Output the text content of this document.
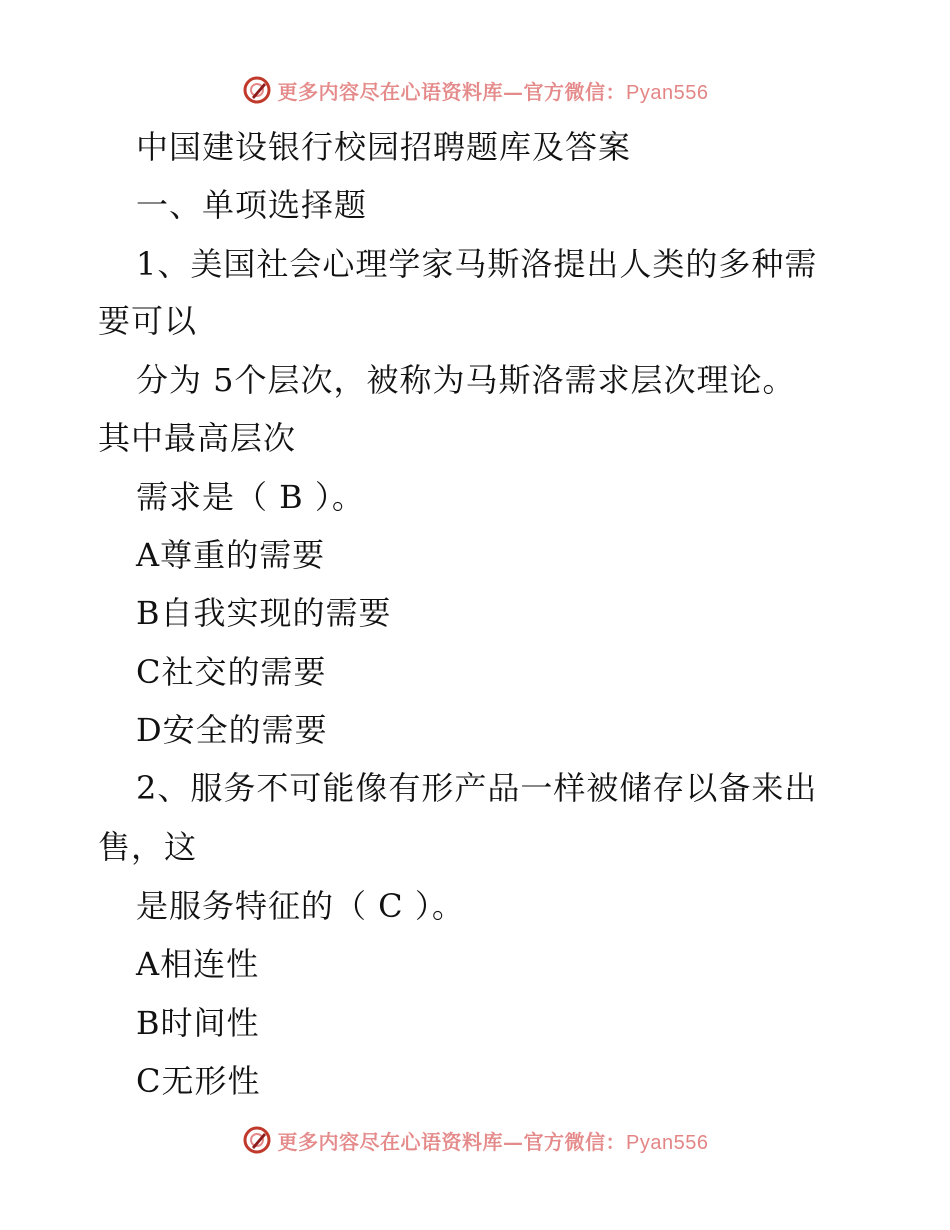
更多内容尽在心语资料库—官方微信：Pyan556
中国建设银行校园招聘题库及答案
一、单项选择题
1、美国社会心理学家马斯洛提出人类的多种需
要可以
分为 5个层次，被称为马斯洛需求层次理论。
其中最高层次
需求是（ B ）。
A尊重的需要
B自我实现的需要
C社交的需要
D安全的需要
2、服务不可能像有形产品一样被储存以备来出
售，这
是服务特征的（ C ）。
A相连性
B时间性
C无形性
更多内容尽在心语资料库—官方微信：Pyan556
